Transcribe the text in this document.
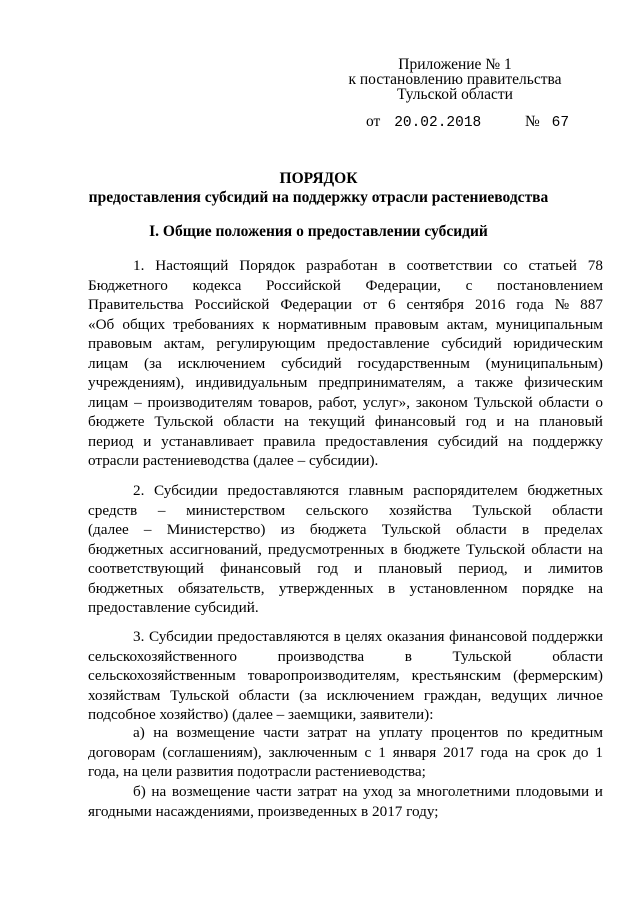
Приложение № 1
к постановлению правительства
Тульской области
от 20.02.2018	№ 67
ПОРЯДОК
предоставления субсидий на поддержку отрасли растениеводства
I. Общие положения о предоставлении субсидий
1. Настоящий Порядок разработан в соответствии со статьей 78
Бюджетного кодекса Российской Федерации, с постановлением
Правительства Российской Федерации от 6 сентября 2016 года № 887
«Об общих требованиях к нормативным правовым актам, муниципальным
правовым актам, регулирующим предоставление субсидий юридическим
лицам (за исключением субсидий государственным (муниципальным)
учреждениям), индивидуальным предпринимателям, а также физическим
лицам – производителям товаров, работ, услуг», законом Тульской области о
бюджете Тульской области на текущий финансовый год и на плановый
период и устанавливает правила предоставления субсидий на поддержку
отрасли растениеводства (далее – субсидии).
2. Субсидии предоставляются главным распорядителем бюджетных
средств – министерством сельского хозяйства Тульской области
(далее – Министерство) из бюджета Тульской области в пределах
бюджетных ассигнований, предусмотренных в бюджете Тульской области на
соответствующий финансовый год и плановый период, и лимитов
бюджетных обязательств, утвержденных в установленном порядке на
предоставление субсидий.
3. Субсидии предоставляются в целях оказания финансовой поддержки
сельскохозяйственного	производства	в	Тульской	области
сельскохозяйственным товаропроизводителям, крестьянским (фермерским)
хозяйствам Тульской области (за исключением граждан, ведущих личное
подсобное хозяйство) (далее – заемщики, заявители):
а) на возмещение части затрат на уплату процентов по кредитным
договорам (соглашениям), заключенным с 1 января 2017 года на срок до 1
года, на цели развития подотрасли растениеводства;
б) на возмещение части затрат на уход за многолетними плодовыми и
ягодными насаждениями, произведенных в 2017 году;
